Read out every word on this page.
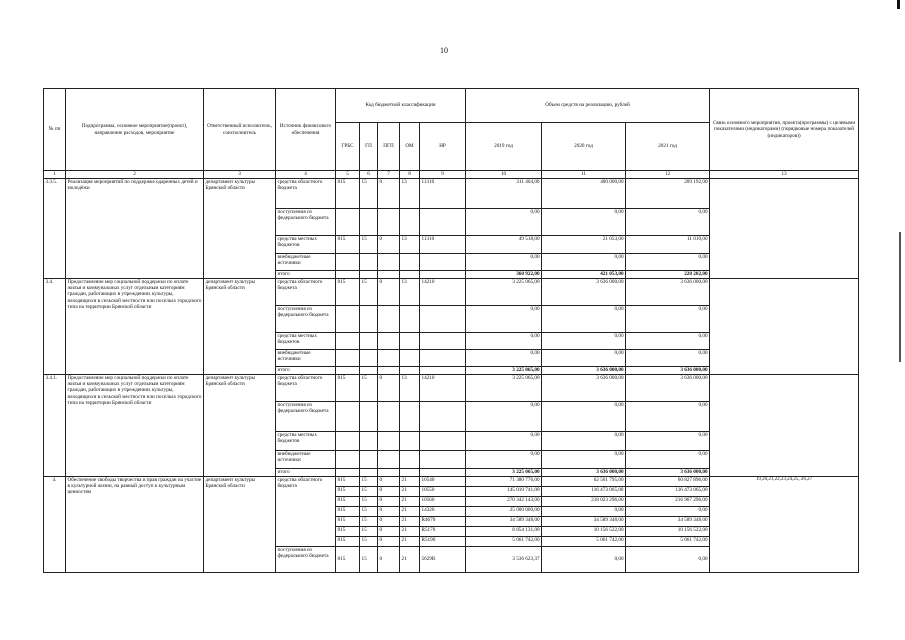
10
№ пп	Подпрограмма, основное мероприятие(проект), направление расходов, мероприятие	Ответственный исполнитель, соисполнитель	Источник финансового обеспечения	Код бюджетной классификации					Объем средств на реализацию, рублей			Связь основного мероприятия, проекта(программы) с целевыми показателями (индикаторами) (порядковые номера показателей (индикаторов))
				ГРБС	ГП	ПГП	ОМ	НР	2019 год	2020 год	2021 год	
1	2	3	4	5	6	7	8	9	10	11	12	13
3.3.5.	Реализация мероприятий по поддержке одаренных детей и молодёжи	департамент культуры Брянской области	средства областного бюджета	815	15	0	13	11310	311 404,00	400 000,00	209 192,00	
			поступления из федерального бюджета						0,00	0,00	0,00	
			средства местных бюджетов	815	15	0	13	11310	49 518,00	21 053,00	11 010,00	
			внебюджетные источники						0,00	0,00	0,00	
			итого						360 922,00	421 053,00	220 202,00	
3.4.	Предоставление мер социальной поддержки по оплате жилья и коммунальных услуг отдельным категориям граждан, работающих в учреждениях культуры, находящихся в сельской местности или поселках городского типа на территории Брянской области	департамент культуры Брянской области	средства областного бюджета	815	15	0	13	14210	3 225 065,00	3 636 000,00	3 636 000,00	
			поступления из федерального бюджета						0,00	0,00	0,00	
			средства местных бюджетов						0,00	0,00	0,00	
			внебюджетные источники						0,00	0,00	0,00	
			итого						3 225 065,00	3 636 000,00	3 636 000,00	
3.4.1.	Предоставление мер социальной поддержки по оплате жилья и коммунальных услуг отдельным категориям граждан, работающих в учреждениях культуры, находящихся в сельской местности или поселках городского типа на территории Брянской области	департамент культуры Брянской области	средства областного бюджета	815	15	0	13	14210	3 225 065,00	3 636 000,00	3 636 000,00	
			поступления из федерального бюджета						0,00	0,00	0,00	
			средства местных бюджетов						0,00	0,00	0,00	
			внебюджетные источники						0,00	0,00	0,00	
			итого						3 225 065,00	3 636 000,00	3 636 000,00	
4.	Обеспечение свободы творчества и прав граждан на участие в культурной жизни, на равный доступ к культурным ценностям	департамент культуры Брянской области	средства областного бюджета	815	15	0	21	10540	71 380 776,00	62 561 795,00	60 827 896,00	19,20,21,22,23,24,25, 26,27
				815	15	0	21	10550	145 010 741,00	116 473 065,00	116 473 065,00	
				815	15	0	21	10560	270 342 143,00	218 023 296,00	216 967 296,00	
				815	15	0	21	14320	25 000 000,00	0,00	0,00	
				815	15	0	21	R4670	34 589 348,00	34 589 348,00	34 589 348,00	
				815	15	0	21	R5170	8 854 131,00	10 156 522,00	10 156 522,00	
				815	15	0	21	R5190	5 061 742,00	5 061 742,00	5 061 742,00	
			поступления из федерального бюджета	815	15	0	21	5629R	3 536 623,37	0,00	0,00	
